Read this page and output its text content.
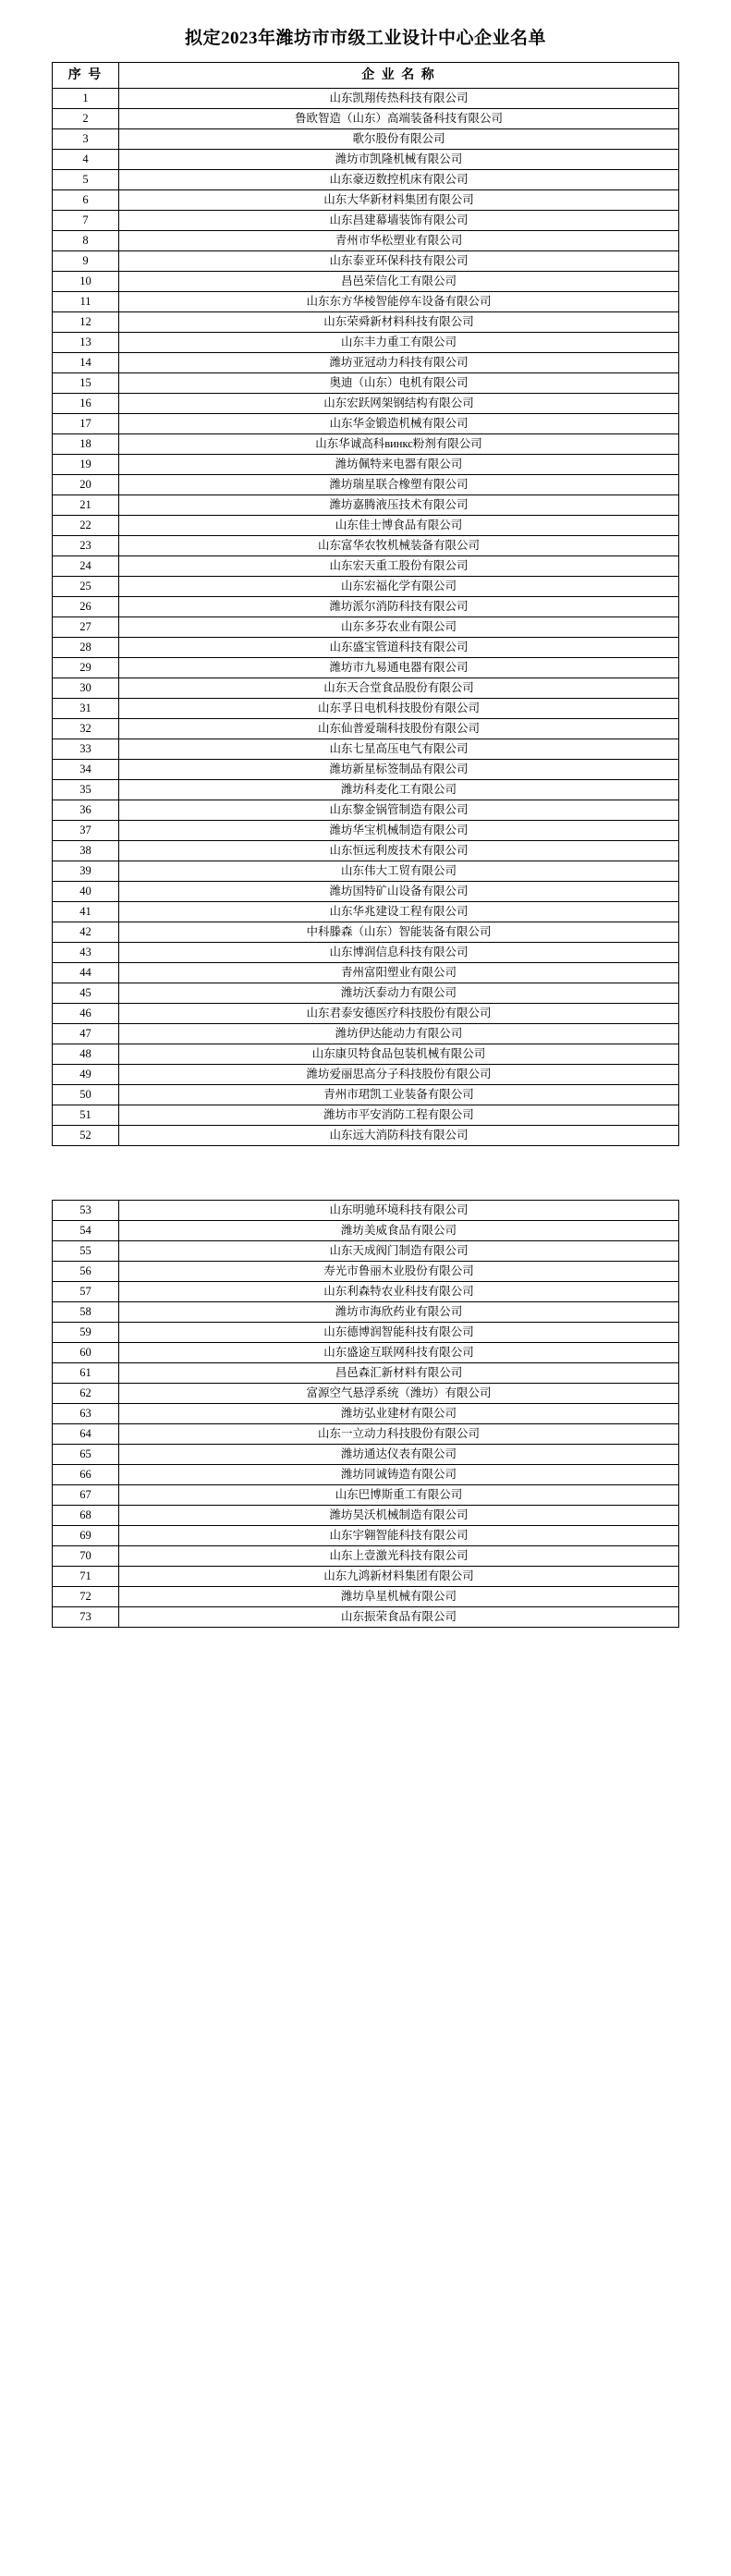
拟定2023年潍坊市市级工业设计中心企业名单
序 号	企 业 名 称
1	山东凯翔传热科技有限公司
2	鲁欧智造（山东）高端装备科技有限公司
3	歌尔股份有限公司
4	潍坊市凯隆机械有限公司
5	山东豪迈数控机床有限公司
6	山东大华新材料集团有限公司
7	山东昌建幕墙装饰有限公司
8	青州市华松塑业有限公司
9	山东泰亚环保科技有限公司
10	昌邑荣信化工有限公司
11	山东东方华棱智能停车设备有限公司
12	山东荣舜新材料科技有限公司
13	山东丰力重工有限公司
14	潍坊亚冠动力科技有限公司
15	奥迪（山东）电机有限公司
16	山东宏跃网架钢结构有限公司
17	山东华金锻造机械有限公司
18	山东华诚高科винкс粉剂有限公司
19	潍坊佩特来电器有限公司
20	潍坊瑞星联合橡塑有限公司
21	潍坊嘉腾液压技术有限公司
22	山东佳士博食品有限公司
23	山东富华农牧机械装备有限公司
24	山东宏天重工股份有限公司
25	山东宏福化学有限公司
26	潍坊派尔消防科技有限公司
27	山东多芬农业有限公司
28	山东盛宝管道科技有限公司
29	潍坊市九易通电器有限公司
30	山东天合堂食品股份有限公司
31	山东孚日电机科技股份有限公司
32	山东仙普爱瑞科技股份有限公司
33	山东七星高压电气有限公司
34	潍坊新星标签制品有限公司
35	潍坊科麦化工有限公司
36	山东黎金锅管制造有限公司
37	潍坊华宝机械制造有限公司
38	山东恒远利废技术有限公司
39	山东伟大工贸有限公司
40	潍坊国特矿山设备有限公司
41	山东华兆建设工程有限公司
42	中科滕森（山东）智能装备有限公司
43	山东博润信息科技有限公司
44	青州富阳塑业有限公司
45	潍坊沃泰动力有限公司
46	山东君泰安德医疗科技股份有限公司
47	潍坊伊达能动力有限公司
48	山东康贝特食品包装机械有限公司
49	潍坊爱丽思高分子科技股份有限公司
50	青州市珺凯工业装备有限公司
51	潍坊市平安消防工程有限公司
52	山东远大消防科技有限公司
53	山东明驰环境科技有限公司
54	潍坊美威食品有限公司
55	山东天成阀门制造有限公司
56	寿光市鲁丽木业股份有限公司
57	山东利森特农业科技有限公司
58	潍坊市海欣药业有限公司
59	山东德博润智能科技有限公司
60	山东盛途互联网科技有限公司
61	昌邑森汇新材料有限公司
62	富源空气悬浮系统（潍坊）有限公司
63	潍坊弘业建材有限公司
64	山东一立动力科技股份有限公司
65	潍坊通达仪表有限公司
66	潍坊同诚铸造有限公司
67	山东巴博斯重工有限公司
68	潍坊昊沃机械制造有限公司
69	山东宇翱智能科技有限公司
70	山东上壹激光科技有限公司
71	山东九鸿新材料集团有限公司
72	潍坊阜星机械有限公司
73	山东振荣食品有限公司
